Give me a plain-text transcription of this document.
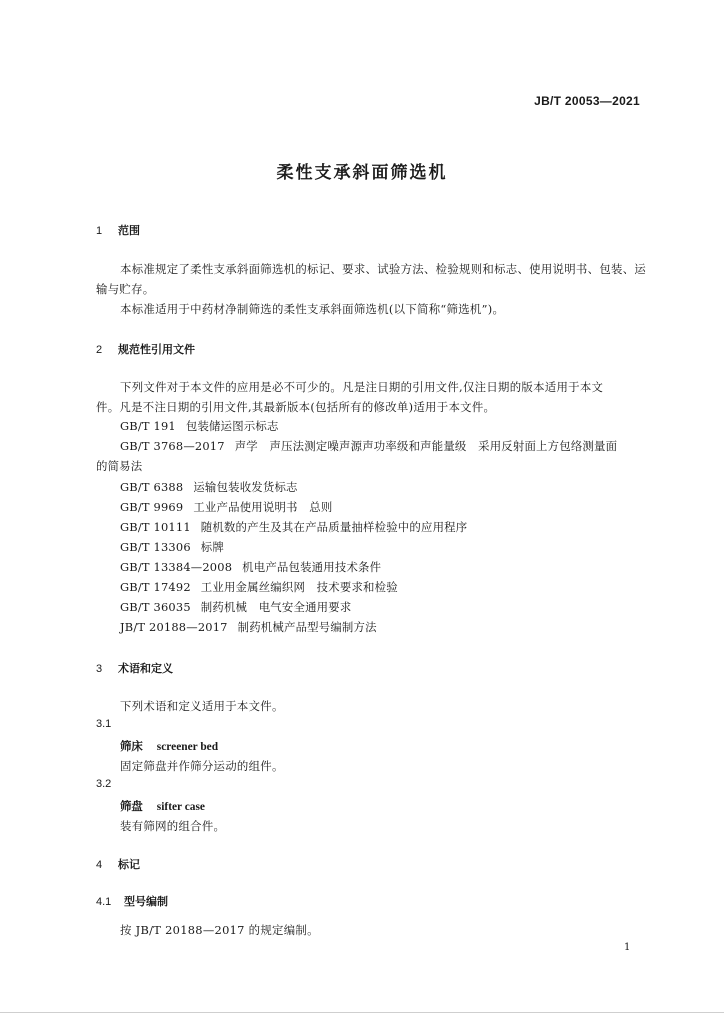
JB/T 20053—2021
柔性支承斜面筛选机
1 范围
本标准规定了柔性支承斜面筛选机的标记、要求、试验方法、检验规则和标志、使用说明书、包装、运
输与贮存。
本标准适用于中药材净制筛选的柔性支承斜面筛选机(以下简称“筛选机”)。
2 规范性引用文件
下列文件对于本文件的应用是必不可少的。凡是注日期的引用文件,仅注日期的版本适用于本文
件。凡是不注日期的引用文件,其最新版本(包括所有的修改单)适用于本文件。
GB/T 191 包装储运图示标志
GB/T 3768—2017 声学　声压法测定噪声源声功率级和声能量级　采用反射面上方包络测量面
的简易法
GB/T 6388 运输包装收发货标志
GB/T 9969 工业产品使用说明书　总则
GB/T 10111 随机数的产生及其在产品质量抽样检验中的应用程序
GB/T 13306 标牌
GB/T 13384—2008 机电产品包装通用技术条件
GB/T 17492 工业用金属丝编织网　技术要求和检验
GB/T 36035 制药机械　电气安全通用要求
JB/T 20188—2017 制药机械产品型号编制方法
3 术语和定义
下列术语和定义适用于本文件。
3.1
筛床 screener bed
固定筛盘并作筛分运动的组件。
3.2
筛盘 sifter case
装有筛网的组合件。
4 标记
4.1 型号编制
按 JB/T 20188—2017 的规定编制。
1
